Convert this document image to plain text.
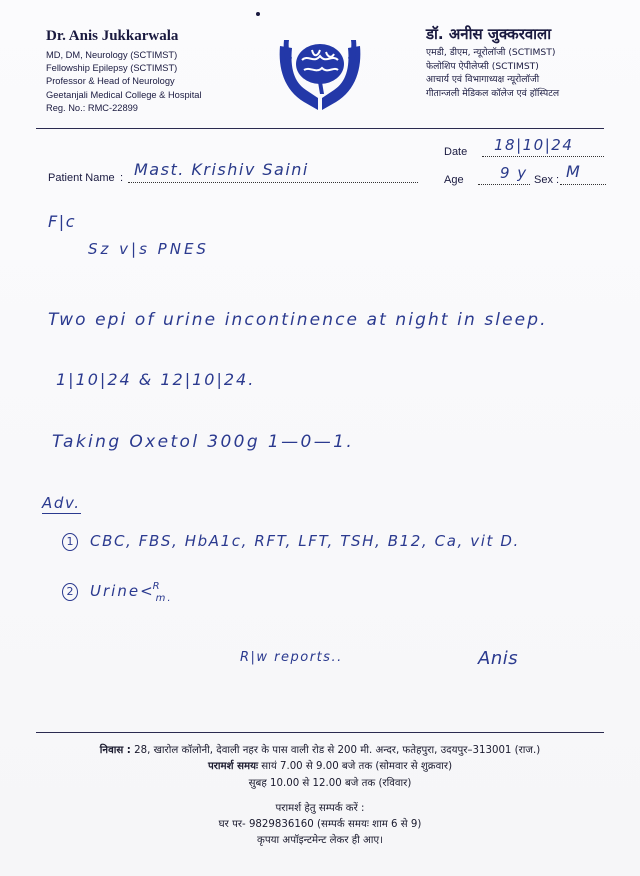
Dr. Anis Jukkarwala
MD, DM, Neurology (SCTIMST)
Fellowship Epilepsy (SCTIMST)
Professor & Head of Neurology
Geetanjali Medical College & Hospital
Reg. No.: RMC-22899
डॉ. अनीस जुक्करवाला
एमडी, डीएम, न्यूरोलॉजी (SCTIMST)
फेलोशिप ऐपीलेप्सी (SCTIMST)
आचार्य एवं विभागाध्यक्ष न्यूरोलॉजी
गीतान्जली मेडिकल कॉलेज एवं हॉस्पिटल
Date 18|10|24
Patient Name : Mast. Krishiv Saini
Age 9 y Sex : M
F|c
Sz v|s PNES
Two epi of urine incontinence at night in sleep.
1|10|24 & 12|10|24.
Taking Oxetol 300g 1—0—1.
Adv.
1 CBC, FBS, HbA1c, RFT, LFT, TSH, B12, Ca, vit D.
2 Urine<$^R_{m.}$
R|w reports..	Anis
निवास : 28, खारोल कॉलोनी, देवाली नहर के पास वाली रोड से 200 मी. अन्दर, फतेहपुरा, उदयपुर–313001 (राज.)
परामर्श समयः सायं 7.00 से 9.00 बजे तक (सोमवार से शुक्रवार)
सुबह 10.00 से 12.00 बजे तक (रविवार)
परामर्श हेतु सम्पर्क करें :
घर पर- 9829836160 (सम्पर्क समयः शाम 6 से 9)
कृपया अपॉइन्टमेन्ट लेकर ही आए।
